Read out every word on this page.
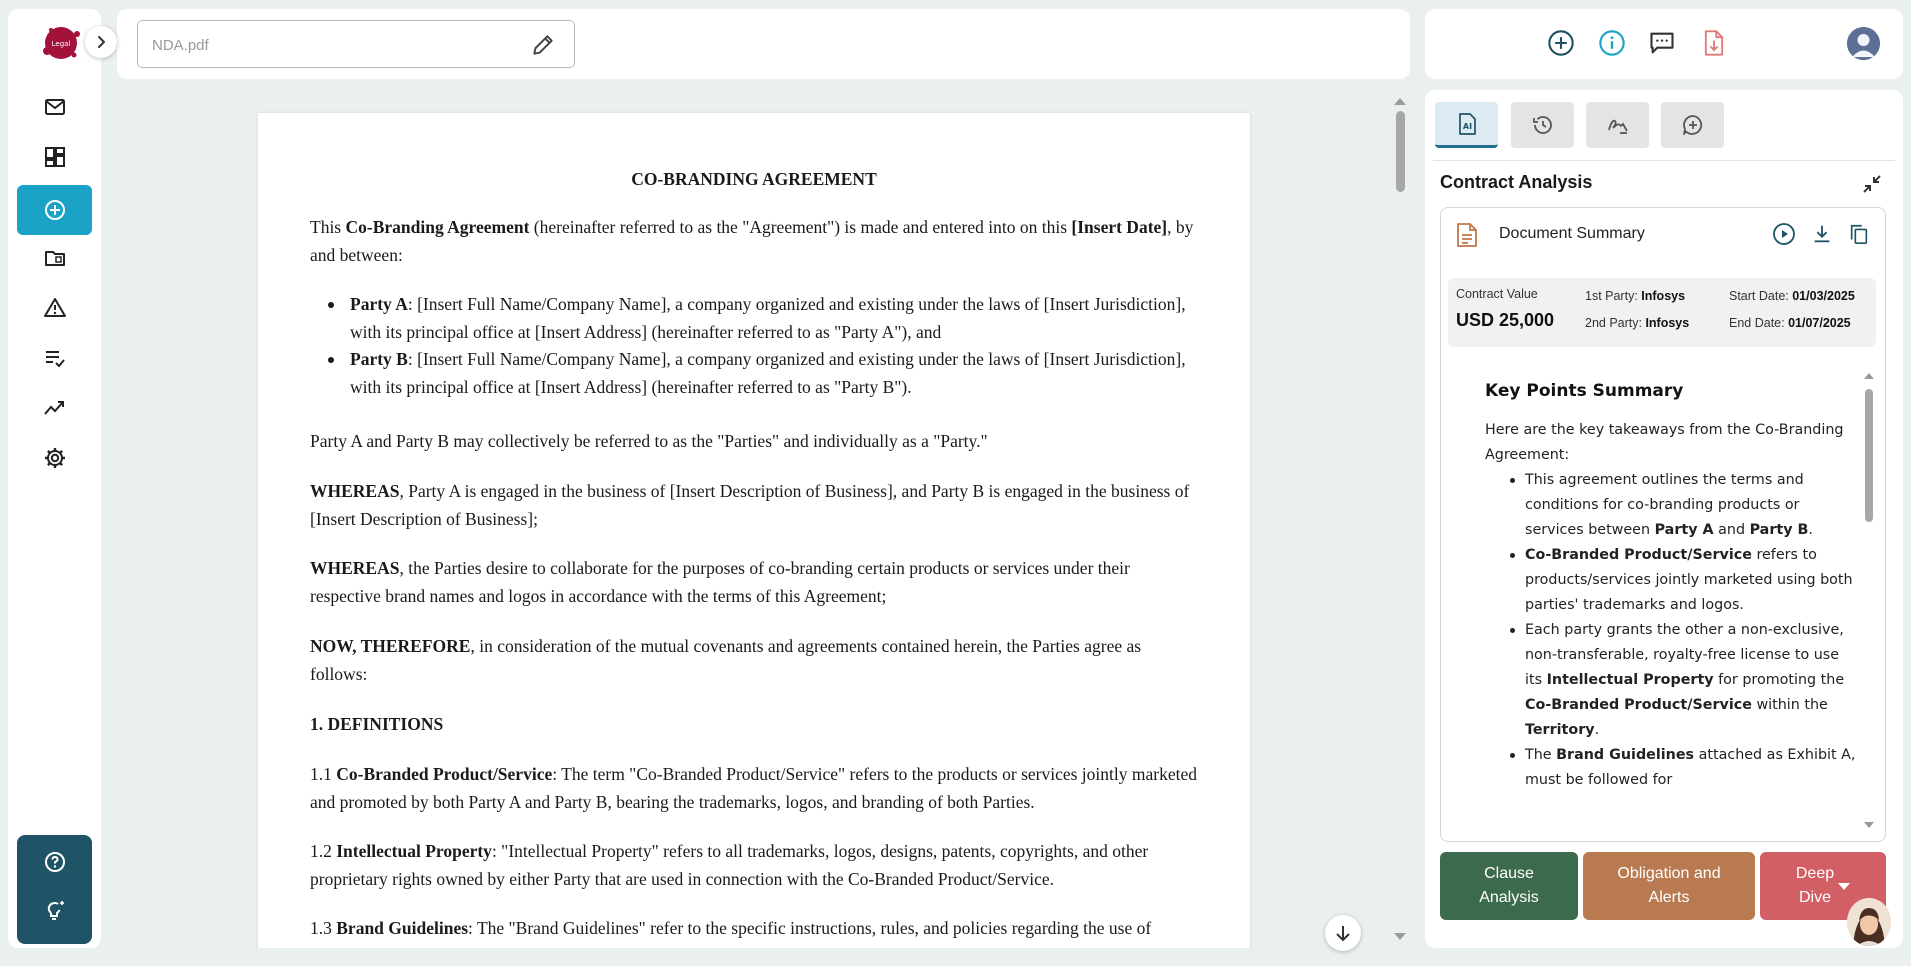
Legal
NDA.pdf
CO-BRANDING AGREEMENT
This Co-Branding Agreement (hereinafter referred to as the "Agreement") is made and entered into on this [Insert Date], by and between:
Party A: [Insert Full Name/Company Name], a company organized and existing under the laws of [Insert Jurisdiction], with its principal office at [Insert Address] (hereinafter referred to as "Party A"), and
Party B: [Insert Full Name/Company Name], a company organized and existing under the laws of [Insert Jurisdiction], with its principal office at [Insert Address] (hereinafter referred to as "Party B").
Party A and Party B may collectively be referred to as the "Parties" and individually as a "Party."
WHEREAS, Party A is engaged in the business of [Insert Description of Business], and Party B is engaged in the business of [Insert Description of Business];
WHEREAS, the Parties desire to collaborate for the purposes of co-branding certain products or services under their respective brand names and logos in accordance with the terms of this Agreement;
NOW, THEREFORE, in consideration of the mutual covenants and agreements contained herein, the Parties agree as follows:
1. DEFINITIONS
1.1 Co-Branded Product/Service: The term "Co-Branded Product/Service" refers to the products or services jointly marketed and promoted by both Party A and Party B, bearing the trademarks, logos, and branding of both Parties.
1.2 Intellectual Property: "Intellectual Property" refers to all trademarks, logos, designs, patents, copyrights, and other proprietary rights owned by either Party that are used in connection with the Co-Branded Product/Service.
1.3 Brand Guidelines: The "Brand Guidelines" refer to the specific instructions, rules, and policies regarding the use of
AI
Contract Analysis
Document Summary
Contract Value
USD 25,000
1st Party: Infosys
2nd Party: Infosys
Start Date: 01/03/2025
End Date: 01/07/2025
Key Points Summary
Here are the key takeaways from the Co-Branding Agreement:
This agreement outlines the terms and conditions for co-branding products or services between Party A and Party B.
Co-Branded Product/Service refers to products/services jointly marketed using both parties' trademarks and logos.
Each party grants the other a non-exclusive, non-transferable, royalty-free license to use its Intellectual Property for promoting the Co-Branded Product/Service within the Territory.
The Brand Guidelines attached as Exhibit A, must be followed for
Clause Analysis
Obligation and Alerts
Deep Dive
